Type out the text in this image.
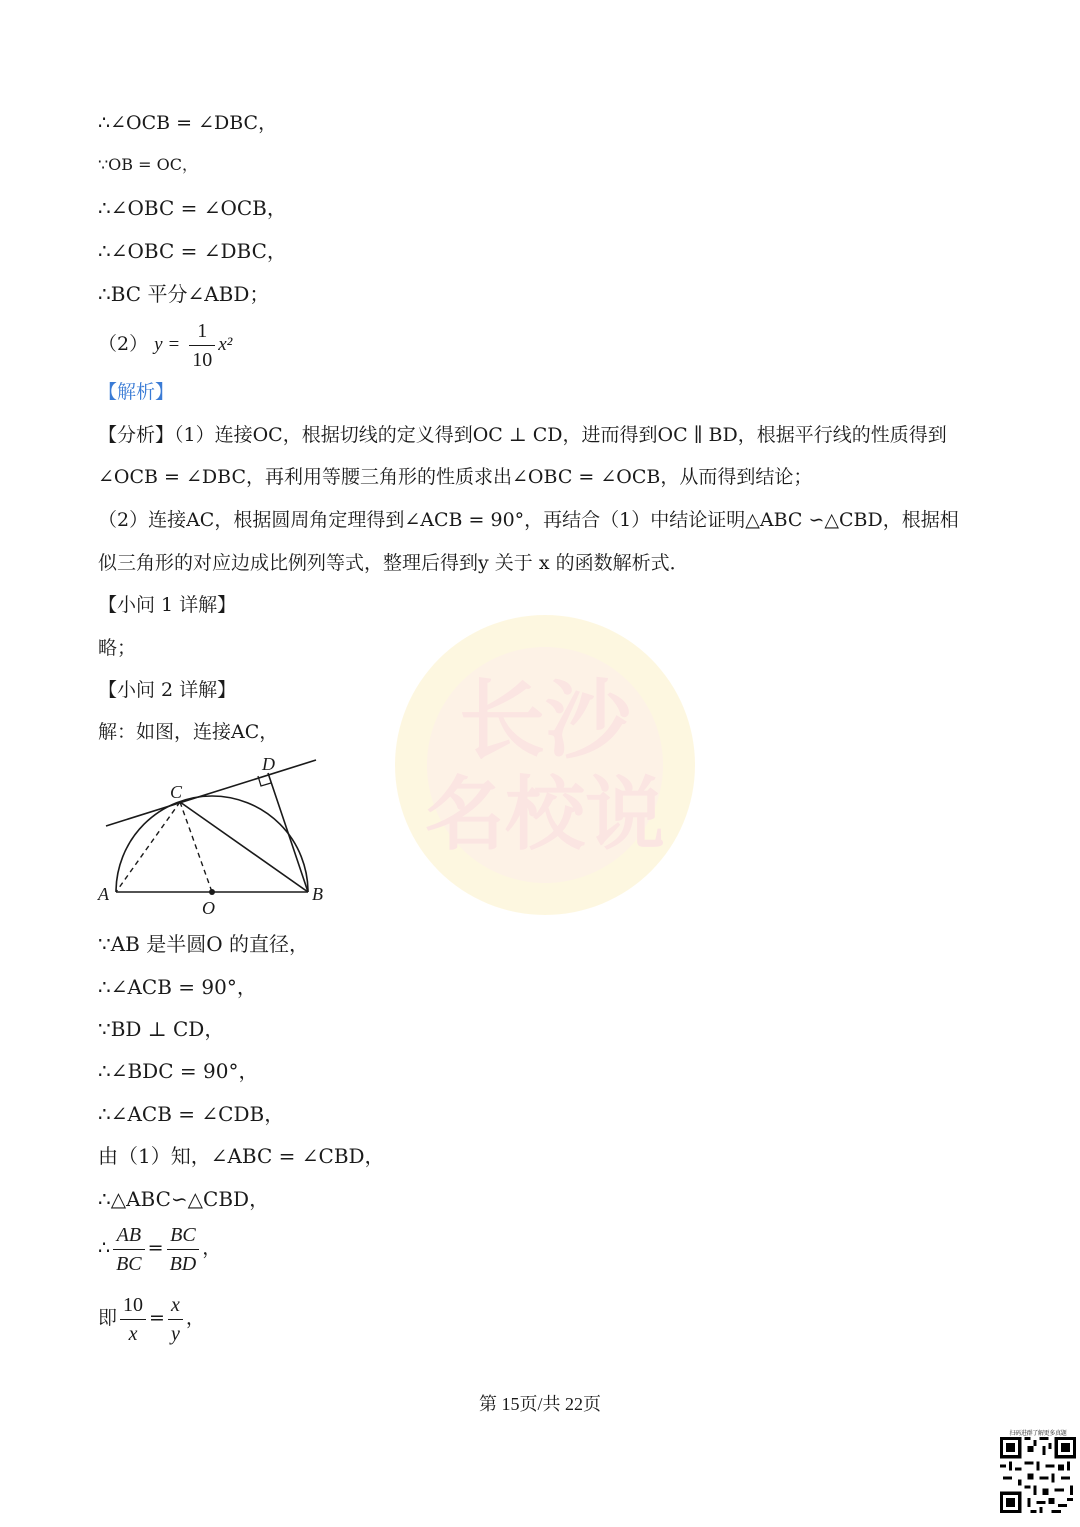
长沙
名校说
∴∠OCB = ∠DBC，
∵OB = OC，
∴∠OBC = ∠OCB，
∴∠OBC = ∠DBC，
∴BC 平分∠ABD；
（2） $y = \frac{1}{10} x^2$
【解析】
【分析】（1）连接OC，根据切线的定义得到OC ⊥ CD，进而得到OC ∥ BD，根据平行线的性质得到
∠OCB = ∠DBC，再利用等腰三角形的性质求出∠OBC = ∠OCB，从而得到结论；
（2）连接AC，根据圆周角定理得到∠ACB = 90°，再结合（1）中结论证明△ABC ∽△CBD，根据相
似三角形的对应边成比例列等式，整理后得到y 关于 x 的函数解析式．
【小问 1 详解】
略；
【小问 2 详解】
解：如图，连接AC，
A	B
C
D
O
∵AB 是半圆O 的直径，
∴∠ACB = 90°，
∵BD ⊥ CD，
∴∠BDC = 90°，
∴∠ACB = ∠CDB，
由（1）知，∠ABC = ∠CBD，
∴△ABC∽△CBD，
∴ $\frac{AB}{BC} = \frac{BC}{BD}$ ，
即 $\frac{10}{x} = \frac{x}{y}$ ，
第 15页/共 22页
扫码进群了解更多真题
